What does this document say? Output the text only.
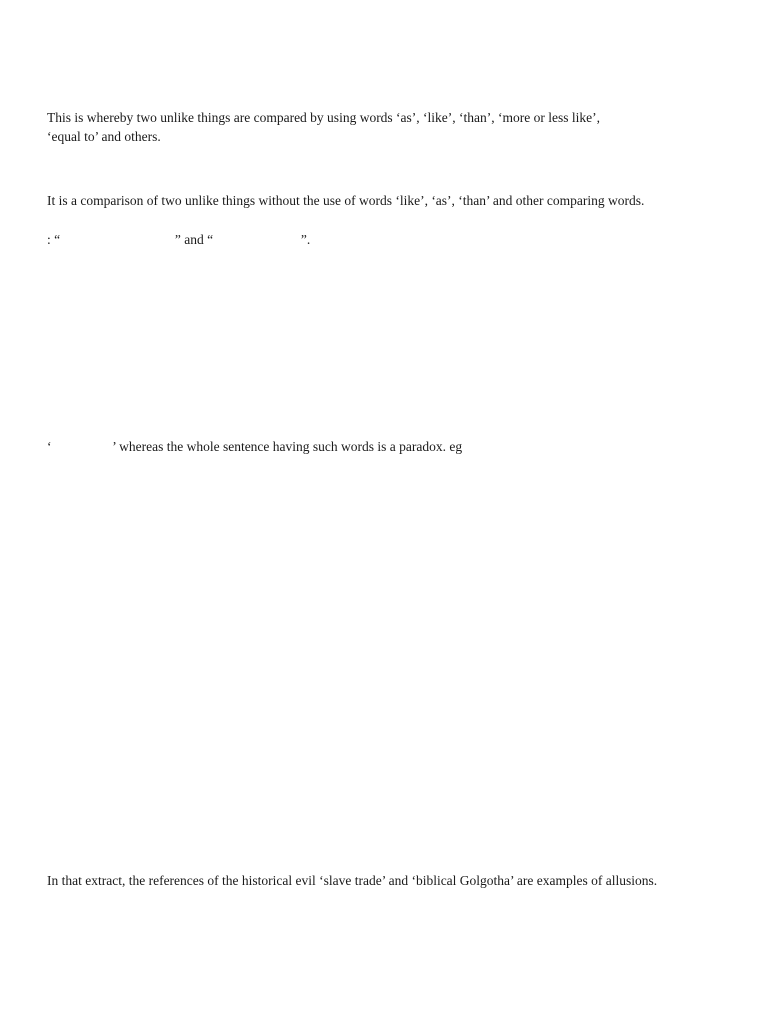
This is whereby two unlike things are compared by using words ‘as’, ‘like’, ‘than’, ‘more or less like’,

‘equal to’ and others.

It is a comparison of two unlike things without the use of words ‘like’, ‘as’, ‘than’ and other comparing words.

: “                                  ” and “                          ”.

‘                  ’ whereas the whole sentence having such words is a paradox. eg

In that extract, the references of the historical evil ‘slave trade’ and ‘biblical Golgotha’ are examples of allusions.
